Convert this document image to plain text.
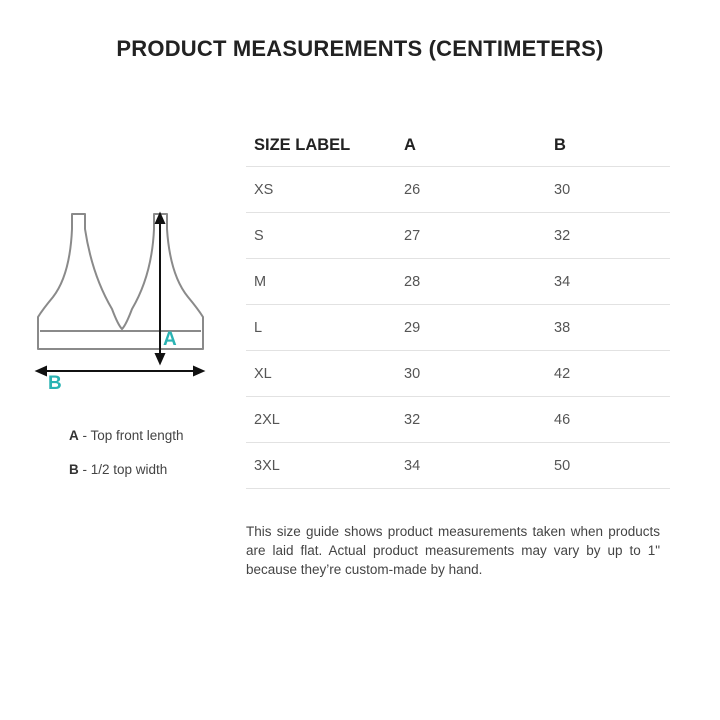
PRODUCT MEASUREMENTS (CENTIMETERS)
A
B
A - Top front length
B - 1/2 top width
SIZE LABEL	A	B
XS	26	30
S	27	32
M	28	34
L	29	38
XL	30	42
2XL	32	46
3XL	34	50

This size guide shows product measurements taken when products are laid flat. Actual product measurements may vary by up to 1" because they’re custom-made by hand.
